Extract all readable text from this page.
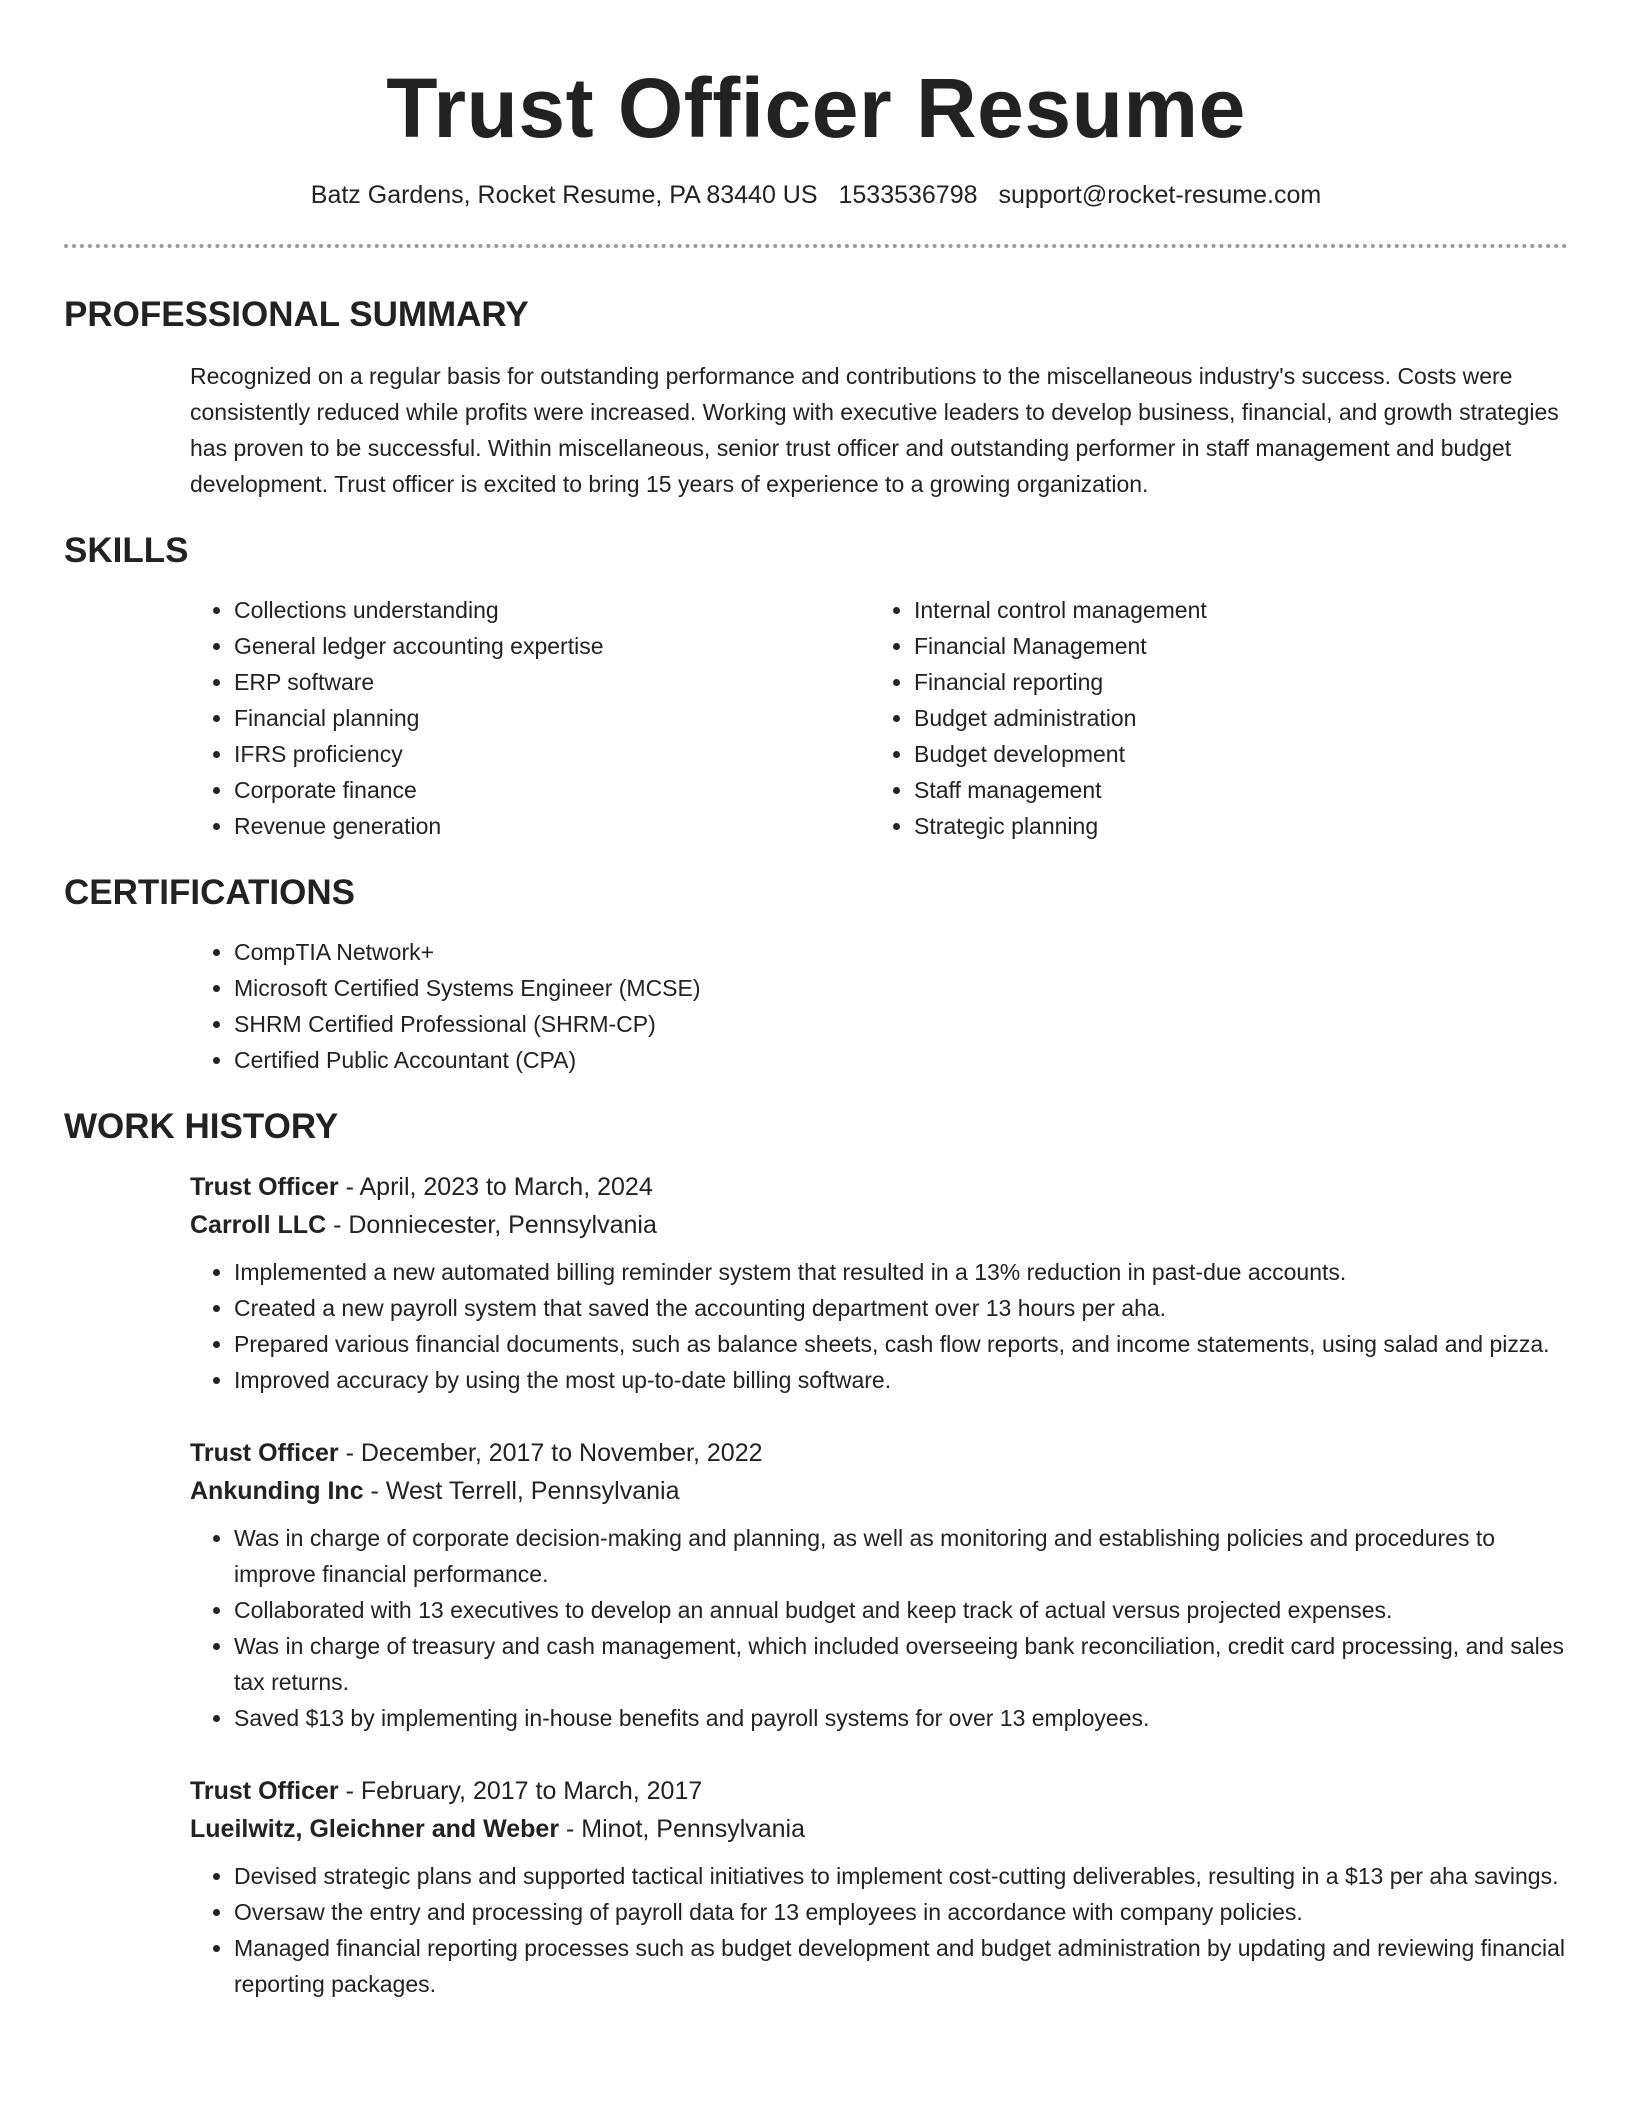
Trust Officer Resume
Batz Gardens, Rocket Resume, PA 83440 US 1533536798 support@rocket-resume.com
PROFESSIONAL SUMMARY

Recognized on a regular basis for outstanding performance and contributions to the miscellaneous industry's success. Costs were consistently reduced while profits were increased. Working with executive leaders to develop business, financial, and growth strategies has proven to be successful. Within miscellaneous, senior trust officer and outstanding performer in staff management and budget development. Trust officer is excited to bring 15 years of experience to a growing organization.

SKILLS
• Collections understanding
• General ledger accounting expertise
• ERP software
• Financial planning
• IFRS proficiency
• Corporate finance
• Revenue generation
• Internal control management
• Financial Management
• Financial reporting
• Budget administration
• Budget development
• Staff management
• Strategic planning
CERTIFICATIONS
• CompTIA Network+
• Microsoft Certified Systems Engineer (MCSE)
• SHRM Certified Professional (SHRM-CP)
• Certified Public Accountant (CPA)
WORK HISTORY
Trust Officer - April, 2023 to March, 2024
Carroll LLC - Donniecester, Pennsylvania
• Implemented a new automated billing reminder system that resulted in a 13% reduction in past-due accounts.
• Created a new payroll system that saved the accounting department over 13 hours per aha.
• Prepared various financial documents, such as balance sheets, cash flow reports, and income statements, using salad and pizza.
• Improved accuracy by using the most up-to-date billing software.
Trust Officer - December, 2017 to November, 2022
Ankunding Inc - West Terrell, Pennsylvania
• Was in charge of corporate decision-making and planning, as well as monitoring and establishing policies and procedures to improve financial performance.
• Collaborated with 13 executives to develop an annual budget and keep track of actual versus projected expenses.
• Was in charge of treasury and cash management, which included overseeing bank reconciliation, credit card processing, and sales tax returns.
• Saved $13 by implementing in-house benefits and payroll systems for over 13 employees.
Trust Officer - February, 2017 to March, 2017
Lueilwitz, Gleichner and Weber - Minot, Pennsylvania
• Devised strategic plans and supported tactical initiatives to implement cost-cutting deliverables, resulting in a $13 per aha savings.
• Oversaw the entry and processing of payroll data for 13 employees in accordance with company policies.
• Managed financial reporting processes such as budget development and budget administration by updating and reviewing financial reporting packages.
